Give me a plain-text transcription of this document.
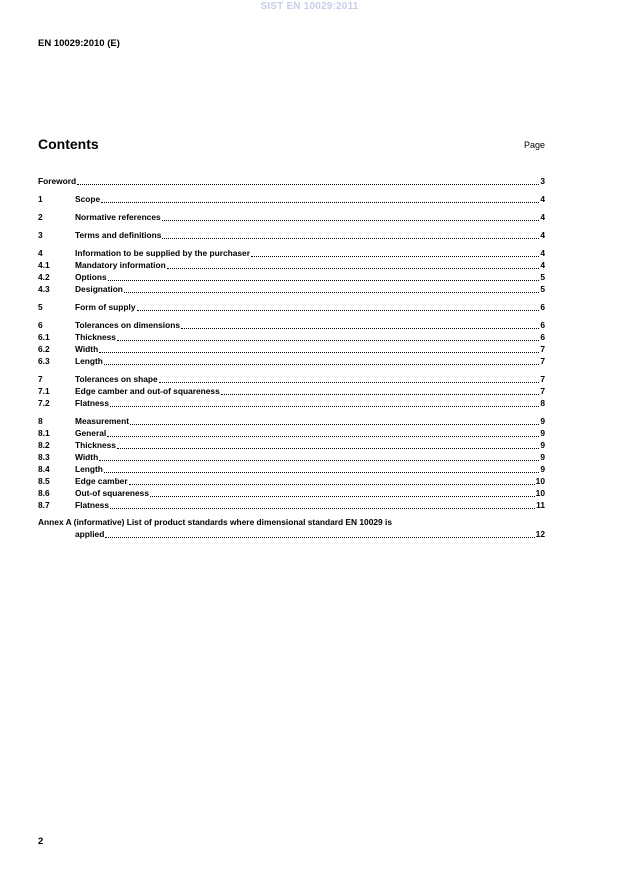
SIST EN 10029:2011
EN 10029:2010 (E)
Contents	Page
Foreword	3
1	Scope	4
2	Normative references	4
3	Terms and definitions	4
4	Information to be supplied by the purchaser	4
4.1	Mandatory information	4
4.2	Options	5
4.3	Designation	5
5	Form of supply	6
6	Tolerances on dimensions	6
6.1	Thickness	6
6.2	Width	7
6.3	Length	7
7	Tolerances on shape	7
7.1	Edge camber and out-of squareness	7
7.2	Flatness	8
8	Measurement	9
8.1	General	9
8.2	Thickness	9
8.3	Width	9
8.4	Length	9
8.5	Edge camber	10
8.6	Out-of squareness	10
8.7	Flatness	11
Annex A (informative) List of product standards where dimensional standard EN 10029 is
applied	12
2
